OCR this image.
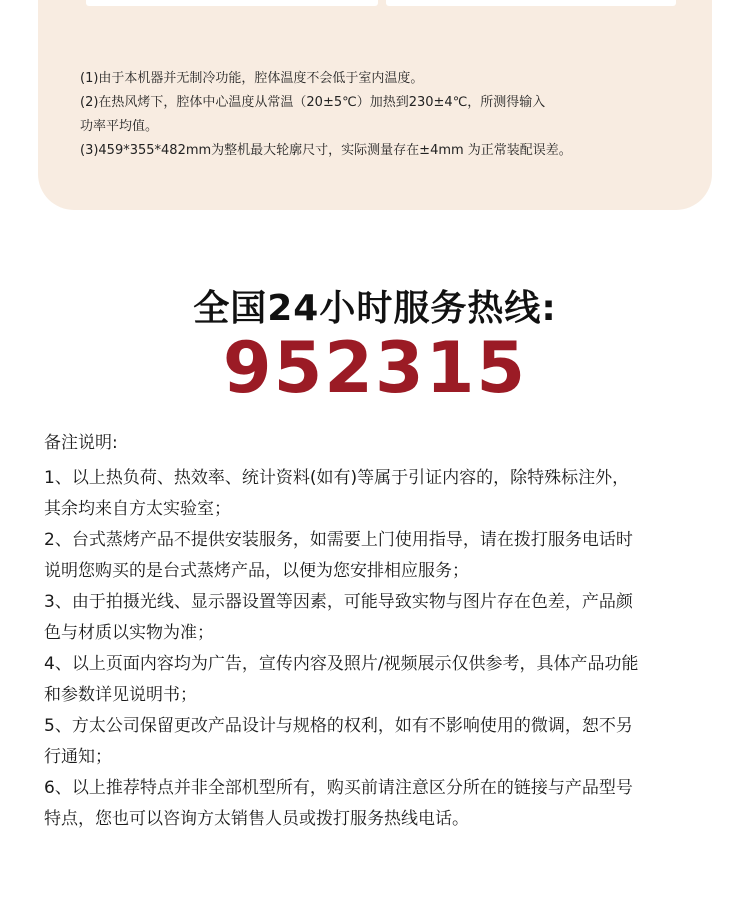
(1)由于本机器并无制冷功能，腔体温度不会低于室内温度。

(2)在热风烤下，腔体中心温度从常温（20±5℃）加热到230±4℃，所测得输入

功率平均值。

(3)459*355*482mm为整机最大轮廓尺寸，实际测量存在±4mm 为正常装配误差。

全国24小时服务热线:
952315

备注说明:

1、以上热负荷、热效率、统计资料(如有)等属于引证内容的，除特殊标注外，

其余均来自方太实验室；

2、台式蒸烤产品不提供安装服务，如需要上门使用指导，请在拨打服务电话时

说明您购买的是台式蒸烤产品，以便为您安排相应服务；

3、由于拍摄光线、显示器设置等因素，可能导致实物与图片存在色差，产品颜

色与材质以实物为准；

4、以上页面内容均为广告，宣传内容及照片/视频展示仅供参考，具体产品功能

和参数详见说明书；

5、方太公司保留更改产品设计与规格的权利，如有不影响使用的微调，恕不另

行通知；

6、以上推荐特点并非全部机型所有，购买前请注意区分所在的链接与产品型号

特点，您也可以咨询方太销售人员或拨打服务热线电话。
